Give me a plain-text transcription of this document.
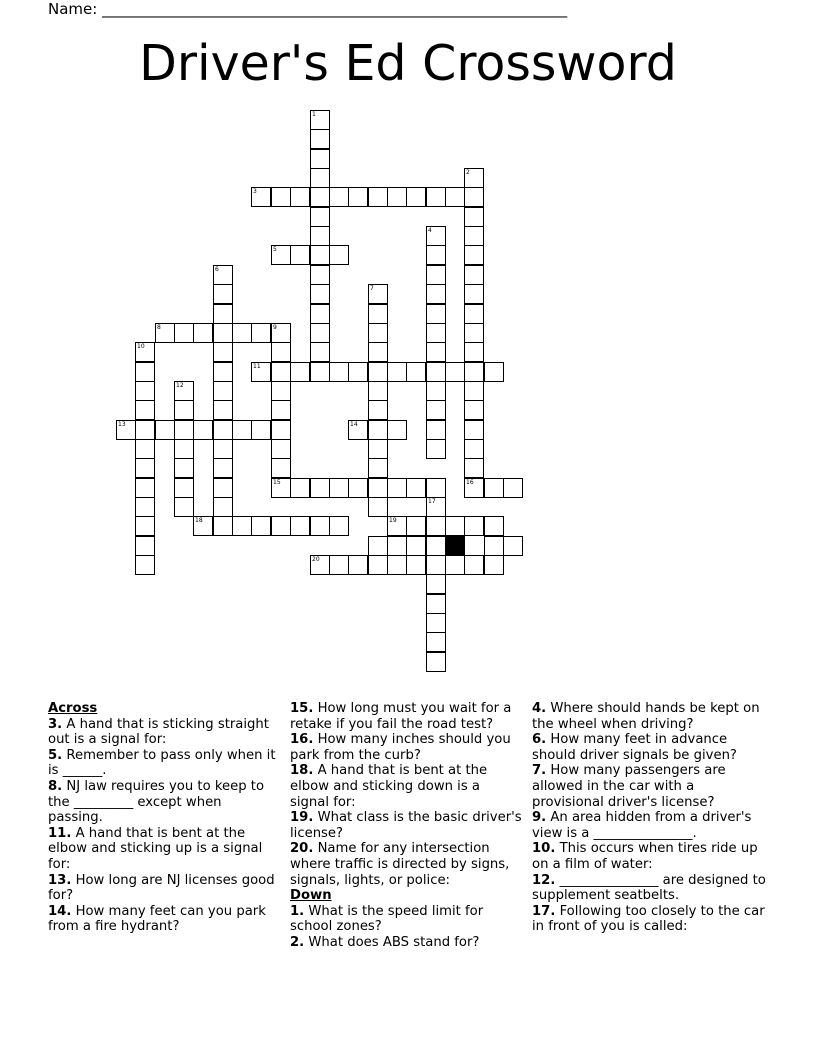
Name: ______________________________________________________________
Driver's Ed Crossword
1
2
3
4
5
6
7
8	9
10
11
12
13	14
15	16
17
18	19
20
Across
3. A hand that is sticking straight out is a signal for:
5. Remember to pass only when it is ______.
8. NJ law requires you to keep to the _________ except when passing.
11. A hand that is bent at the elbow and sticking up is a signal for:
13. How long are NJ licenses good for?
14. How many feet can you park from a fire hydrant?
15. How long must you wait for a retake if you fail the road test?
16. How many inches should you park from the curb?
18. A hand that is bent at the elbow and sticking down is a signal for:
19. What class is the basic driver's license?
20. Name for any intersection where traffic is directed by signs, signals, lights, or police:
Down
1. What is the speed limit for school zones?
2. What does ABS stand for?
4. Where should hands be kept on the wheel when driving?
6. How many feet in advance should driver signals be given?
7. How many passengers are allowed in the car with a provisional driver's license?
9. An area hidden from a driver's view is a _______________.
10. This occurs when tires ride up on a film of water:
12. _______________ are designed to supplement seatbelts.
17. Following too closely to the car in front of you is called:
